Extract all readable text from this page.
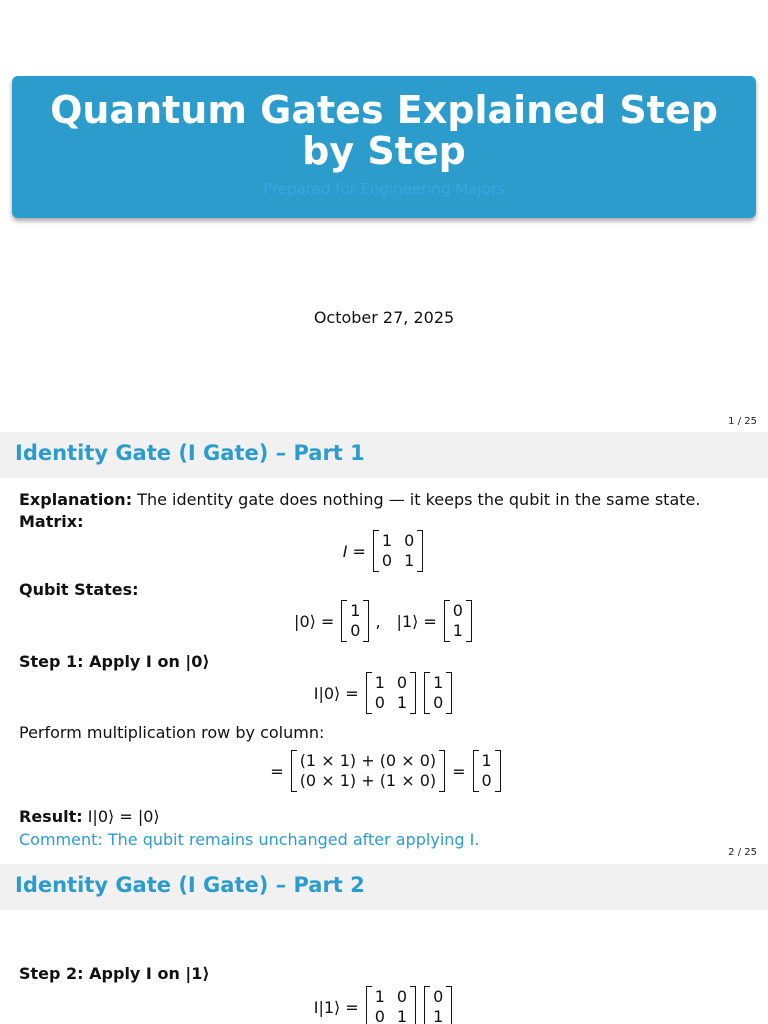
Quantum Gates Explained Step by Step
Prepared for Engineering Majors
October 27, 2025
1 / 25
Identity Gate (I Gate) – Part 1
Explanation: The identity gate does nothing — it keeps the qubit in the same state.
Matrix:
I =
1 0
0 1
Qubit States:
|0⟩ =
1
0 , |1⟩ =
0
1
Step 1: Apply I on |0⟩
I|0⟩ =
1 0
0 1
1
0
Perform multiplication row by column:
=
(1 × 1) + (0 × 0)
(0 × 1) + (1 × 0) =
1
0
Result: I|0⟩ = |0⟩
Comment: The qubit remains unchanged after applying I.
2 / 25
Identity Gate (I Gate) – Part 2
Step 2: Apply I on |1⟩
I|1⟩ =
1 0
0 1
0
1
